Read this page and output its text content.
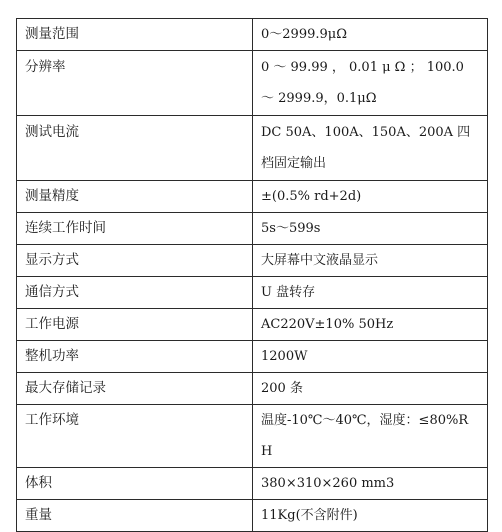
测量范围	0～2999.9μΩ
分辨率	0 ～ 99.99 ， 0.01 μ Ω ； 100.0 ～ 2999.9，0.1μΩ
测试电流	DC 50A、100A、150A、200A 四档固定输出
测量精度	±(0.5% rd+2d)
连续工作时间	5s～599s
显示方式	大屏幕中文液晶显示
通信方式	U 盘转存
工作电源	AC220V±10% 50Hz
整机功率	1200W
最大存储记录	200 条
工作环境	温度-10℃～40℃，湿度：≤80%RH
体积	380×310×260 mm3
重量	11Kg(不含附件)
